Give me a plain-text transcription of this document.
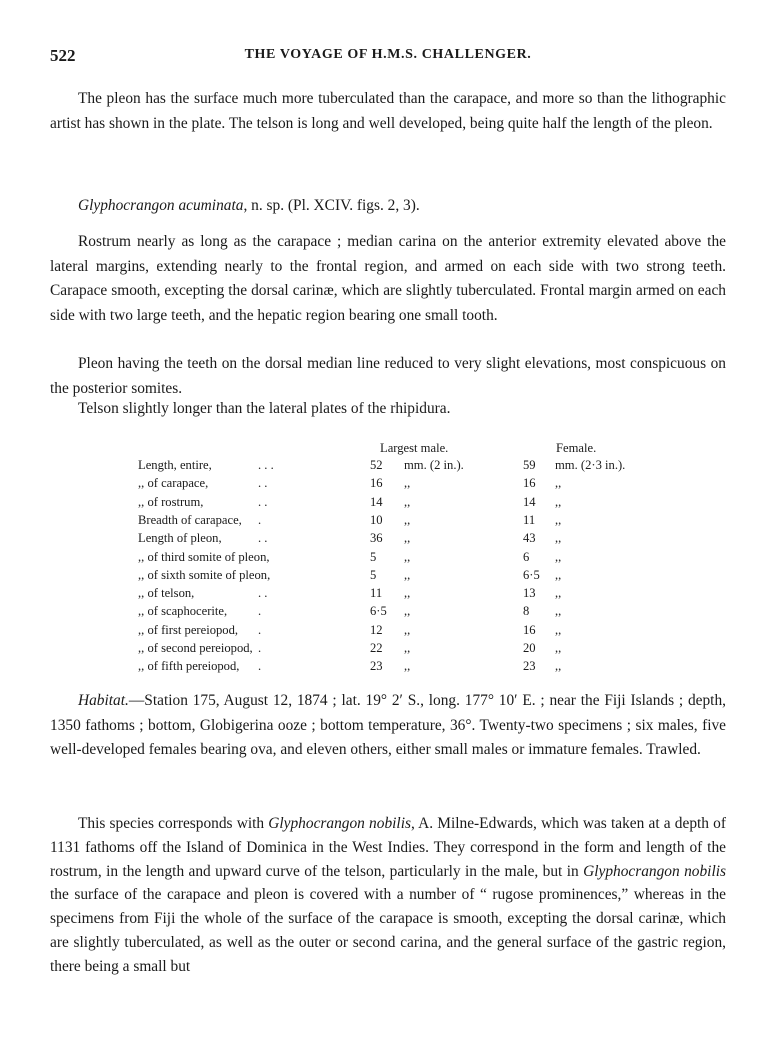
522	THE VOYAGE OF H.M.S. CHALLENGER.

The pleon has the surface much more tuberculated than the carapace, and more so than the lithographic artist has shown in the plate. The telson is long and well developed, being quite half the length of the pleon.

Glyphocrangon acuminata, n. sp. (Pl. XCIV. figs. 2, 3).

Rostrum nearly as long as the carapace ; median carina on the anterior extremity elevated above the lateral margins, extending nearly to the frontal region, and armed on each side with two strong teeth. Carapace smooth, excepting the dorsal carinæ, which are slightly tuberculated. Frontal margin armed on each side with two large teeth, and the hepatic region bearing one small tooth.

Pleon having the teeth on the dorsal median line reduced to very slight elevations, most conspicuous on the posterior somites.

Telson slightly longer than the lateral plates of the rhipidura.

Largest male.	Female.
Length, entire,	. . .	52 mm. (2 in.).	59 mm. (2·3 in.).
,, of carapace,	. .	16 ,,	16 ,,
,, of rostrum,	. .	14 ,,	14 ,,
Breadth of carapace, .	10 ,,	11 ,,
Length of pleon,	. .	36 ,,	43 ,,
,, of third somite of pleon,	5 ,,	6 ,,
,, of sixth somite of pleon,	5 ,,	6·5 ,,
,, of telson,	. .	11 ,,	13 ,,
,, of scaphocerite, .	6·5 ,,	8 ,,
,, of first pereiopod, .	12 ,,	16 ,,
,, of second pereiopod, .	22 ,,	20 ,,
,, of fifth pereiopod, .	23 ,,	23 ,,

Habitat.—Station 175, August 12, 1874 ; lat. 19° 2′ S., long. 177° 10′ E. ; near the Fiji Islands ; depth, 1350 fathoms ; bottom, Globigerina ooze ; bottom temperature, 36°. Twenty-two specimens ; six males, five well-developed females bearing ova, and eleven others, either small males or immature females. Trawled.

This species corresponds with Glyphocrangon nobilis, A. Milne-Edwards, which was taken at a depth of 1131 fathoms off the Island of Dominica in the West Indies. They correspond in the form and length of the rostrum, in the length and upward curve of the telson, particularly in the male, but in Glyphocrangon nobilis the surface of the carapace and pleon is covered with a number of “ rugose prominences,” whereas in the specimens from Fiji the whole of the surface of the carapace is smooth, excepting the dorsal carinæ, which are slightly tuberculated, as well as the outer or second carina, and the general surface of the gastric region, there being a small but
